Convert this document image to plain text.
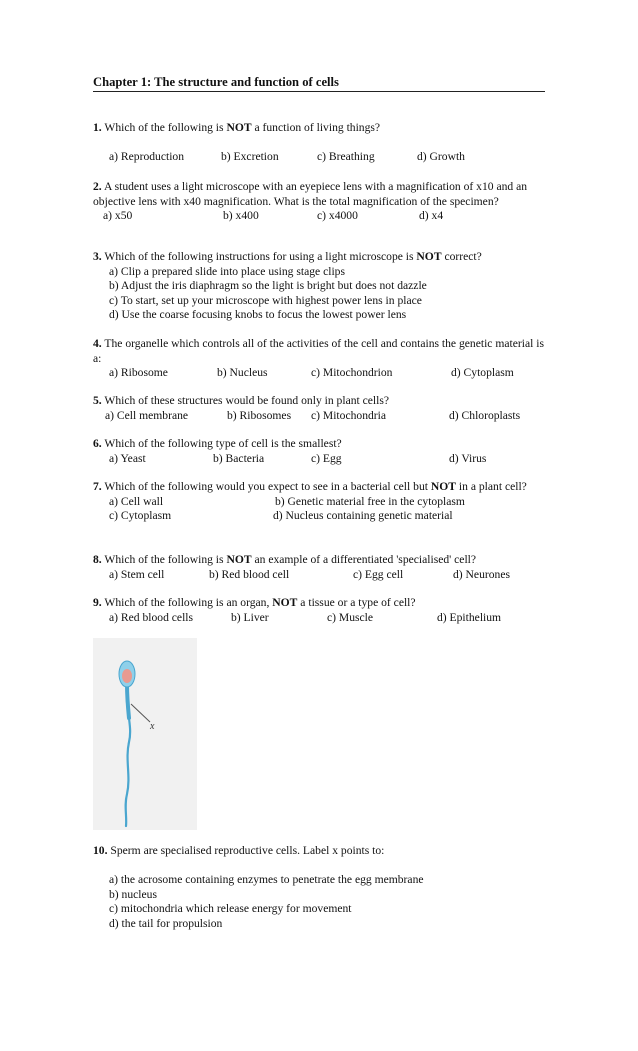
Chapter 1: The structure and function of cells
1. Which of the following is NOT a function of living things?
a) Reproduction	b) Excretion	c) Breathing	d) Growth
2. A student uses a light microscope with an eyepiece lens with a magnification of x10 and an objective lens with x40 magnification. What is the total magnification of the specimen?
a) x50	b) x400	c) x4000	d) x4
3. Which of the following instructions for using a light microscope is NOT correct?
a) Clip a prepared slide into place using stage clips
b) Adjust the iris diaphragm so the light is bright but does not dazzle
c) To start, set up your microscope with highest power lens in place
d) Use the coarse focusing knobs to focus the lowest power lens
4. The organelle which controls all of the activities of the cell and contains the genetic material is a:
a) Ribosome	b) Nucleus	c) Mitochondrion	d) Cytoplasm
5. Which of these structures would be found only in plant cells?
a) Cell membrane	b) Ribosomes c) Mitochondria	d) Chloroplasts
6. Which of the following type of cell is the smallest?
a) Yeast	b) Bacteria	c) Egg	d) Virus
7. Which of the following would you expect to see in a bacterial cell but NOT in a plant cell?
a) Cell wall	b) Genetic material free in the cytoplasm
c) Cytoplasm	d) Nucleus containing genetic material
8. Which of the following is NOT an example of a differentiated 'specialised' cell?
a) Stem cell	b) Red blood cell	c) Egg cell	d) Neurones
9. Which of the following is an organ, NOT a tissue or a type of cell?
a) Red blood cells	b) Liver	c) Muscle	d) Epithelium
x
10. Sperm are specialised reproductive cells. Label x points to:
a) the acrosome containing enzymes to penetrate the egg membrane
b) nucleus
c) mitochondria which release energy for movement
d) the tail for propulsion
